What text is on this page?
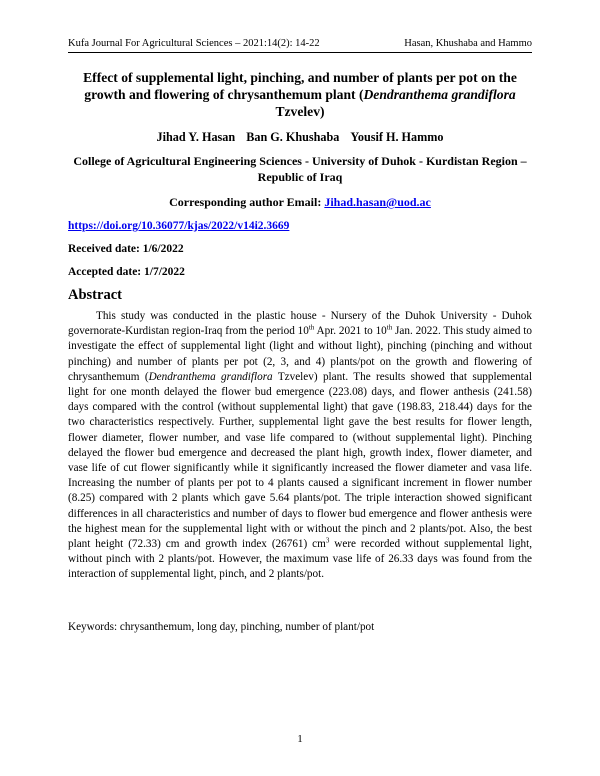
Kufa Journal For Agricultural Sciences – 2021:14(2): 14-22	Hasan, Khushaba and Hammo
Effect of supplemental light, pinching, and number of plants per pot on the growth and flowering of chrysanthemum plant (Dendranthema grandiflora Tzvelev)
Jihad Y. Hasan Ban G. Khushaba Yousif H. Hammo
College of Agricultural Engineering Sciences - University of Duhok - Kurdistan Region – Republic of Iraq
Corresponding author Email: Jihad.hasan@uod.ac
https://doi.org/10.36077/kjas/2022/v14i2.3669
Received date: 1/6/2022
Accepted date: 1/7/2022
Abstract

This study was conducted in the plastic house - Nursery of the Duhok University - Duhok governorate-Kurdistan region-Iraq from the period 10th Apr. 2021 to 10th Jan. 2022. This study aimed to investigate the effect of supplemental light (light and without light), pinching (pinching and without pinching) and number of plants per pot (2, 3, and 4) plants/pot on the growth and flowering of chrysanthemum (Dendranthema grandiflora Tzvelev) plant. The results showed that supplemental light for one month delayed the flower bud emergence (223.08) days, and flower anthesis (241.58) days compared with the control (without supplemental light) that gave (198.83, 218.44) days for the two characteristics respectively. Further, supplemental light gave the best results for flower length, flower diameter, flower number, and vase life compared to (without supplemental light). Pinching delayed the flower bud emergence and decreased the plant high, growth index, flower diameter, and vase life of cut flower significantly while it significantly increased the flower diameter and vasa life. Increasing the number of plants per pot to 4 plants caused a significant increment in flower number (8.25) compared with 2 plants which gave 5.64 plants/pot. The triple interaction showed significant differences in all characteristics and number of days to flower bud emergence and flower anthesis were the highest mean for the supplemental light with or without the pinch and 2 plants/pot. Also, the best plant height (72.33) cm and growth index (26761) $cm^3$ were recorded without supplemental light, without pinch with 2 plants/pot. However, the maximum vase life of 26.33 days was found from the interaction of supplemental light, pinch, and 2 plants/pot.

Keywords: chrysanthemum, long day, pinching, number of plant/pot
1
